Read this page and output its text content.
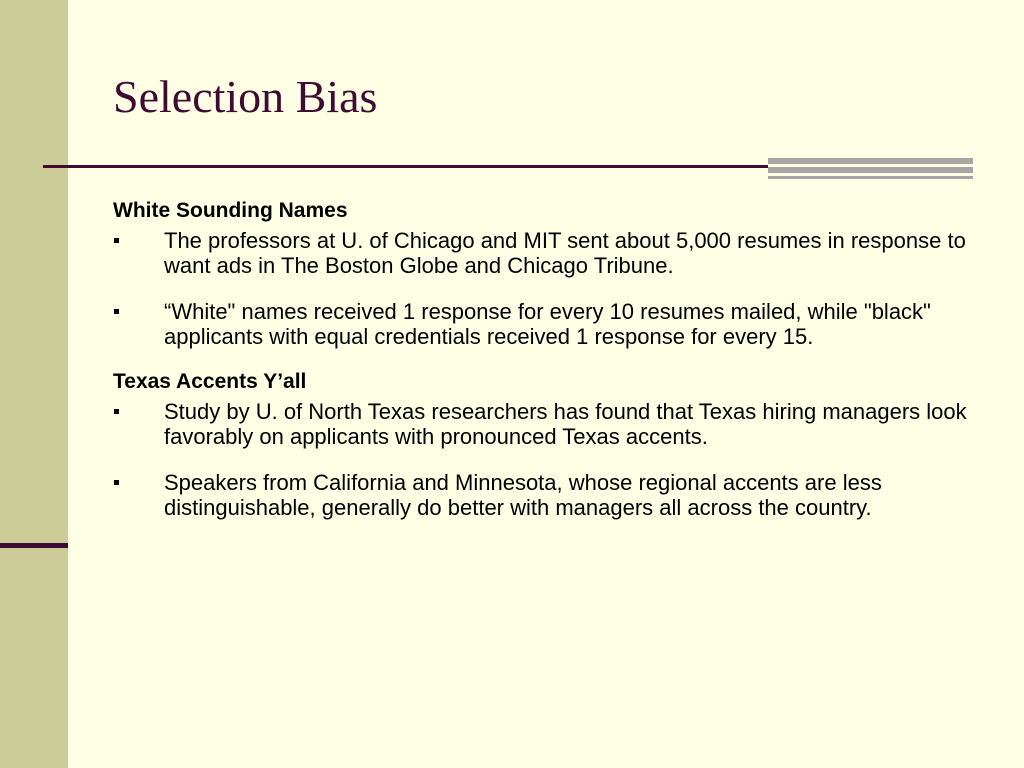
Selection Bias
White Sounding Names
The professors at U. of Chicago and MIT sent about 5,000 resumes in response to want ads in The Boston Globe and Chicago Tribune.
“White" names received 1 response for every 10 resumes mailed, while "black" applicants with equal credentials received 1 response for every 15.
Texas Accents Y’all
Study by U. of North Texas researchers has found that Texas hiring managers look favorably on applicants with pronounced Texas accents.
Speakers from California and Minnesota, whose regional accents are less distinguishable, generally do better with managers all across the country.
